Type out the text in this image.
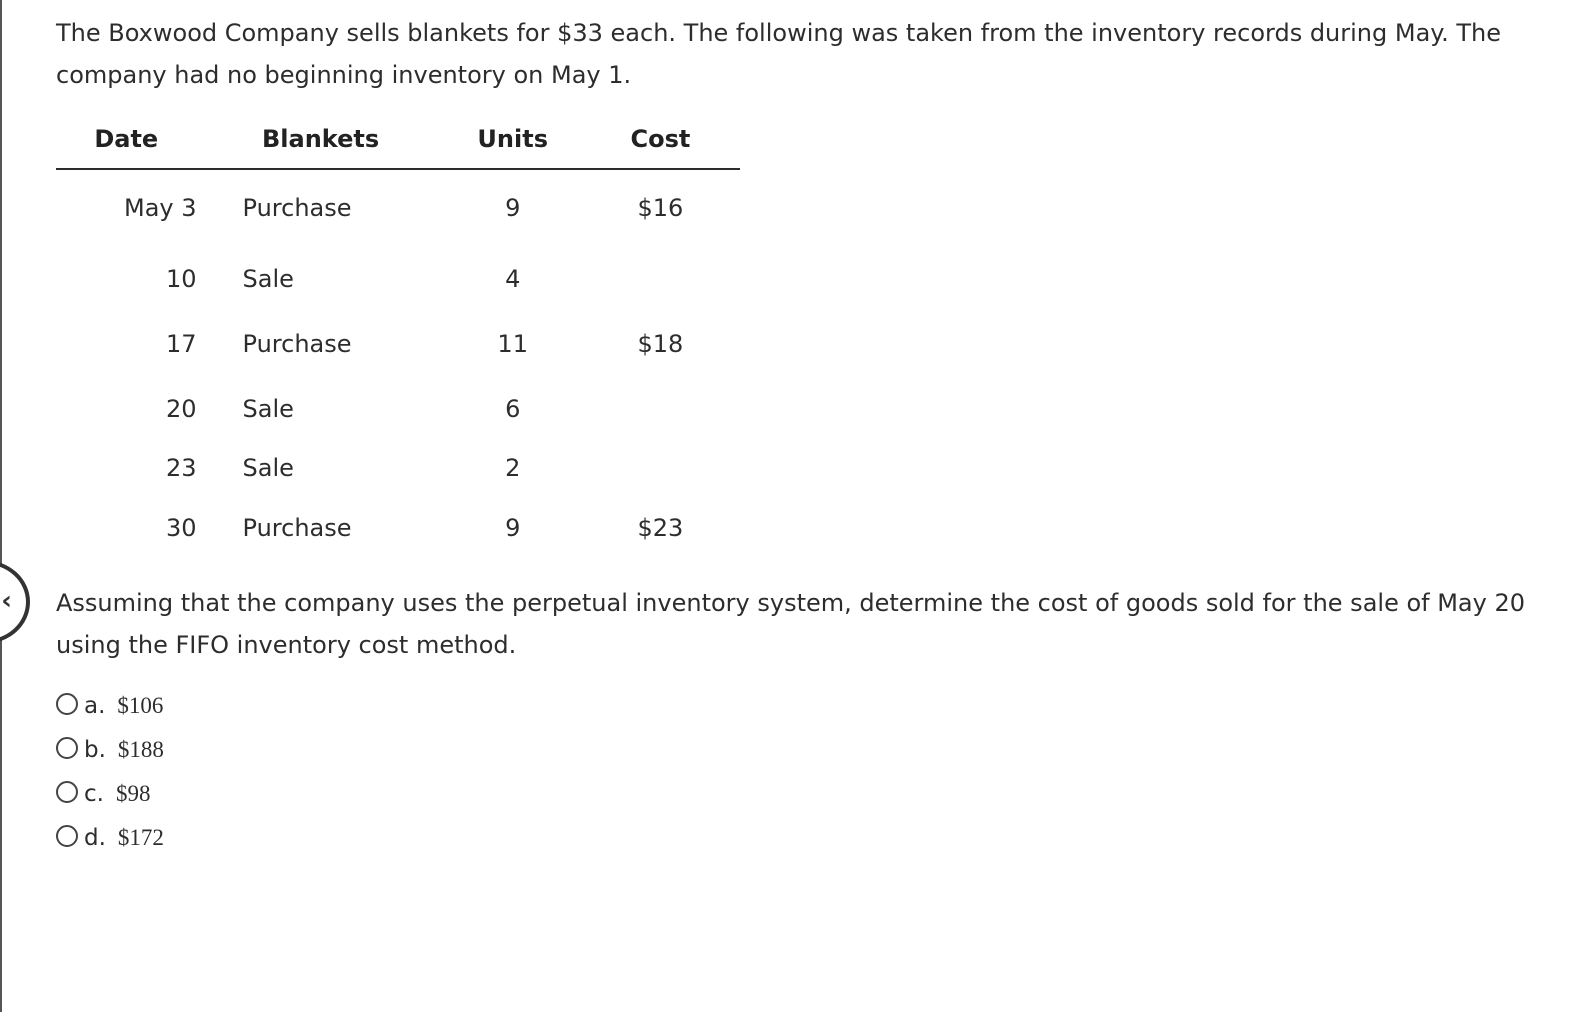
‹

The Boxwood Company sells blankets for $33 each. The following was taken from the inventory records during May. The company had no beginning inventory on May 1.

Date	Blankets	Units	Cost
May 3	Purchase	9	$16
10	Sale	4	
17	Purchase	11	$18
20	Sale	6	
23	Sale	2	
30	Purchase	9	$23

Assuming that the company uses the perpetual inventory system, determine the cost of goods sold for the sale of May 20 using the FIFO inventory cost method.

a. $106
b. $188
c. $98
d. $172
